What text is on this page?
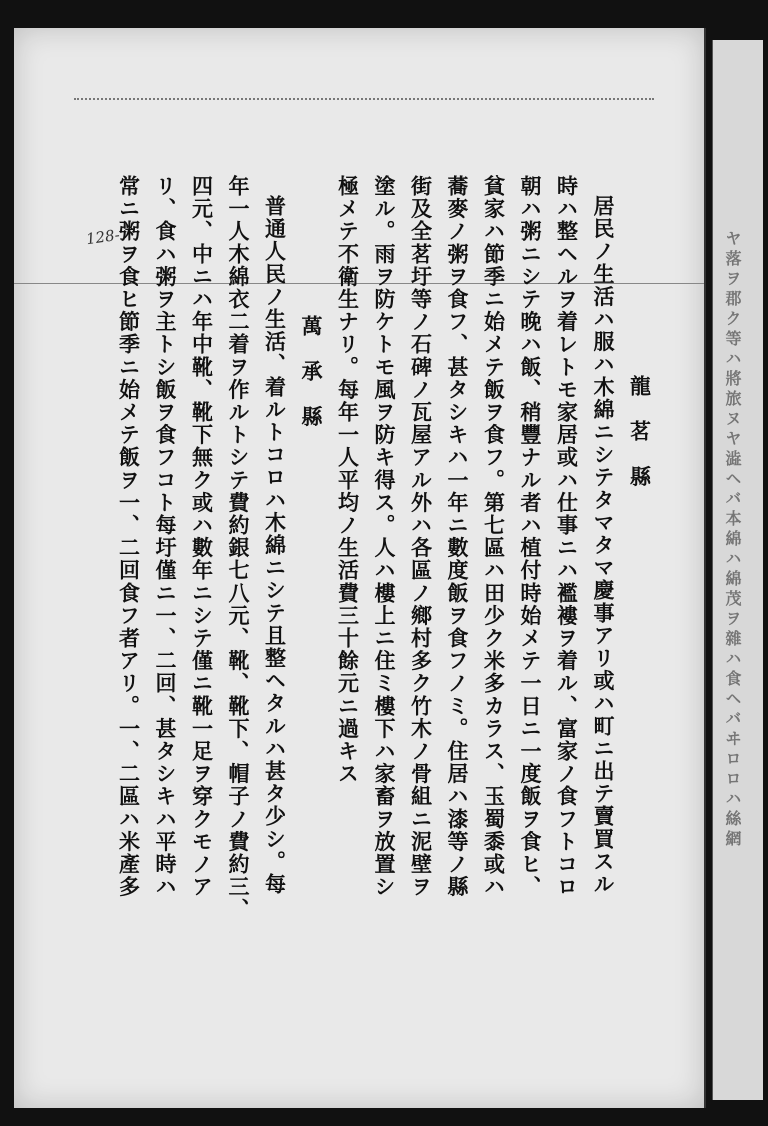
ヤ落ヲ郡ク等ハ將旅ヌヤ澁ヘバ本綿ハ綿茂ヲ雜ハ食ヘバヰロロハ絲網
128-
龍　茗　縣
居民ノ生活ハ服ハ木綿ニシテタマタマ慶事アリ或ハ町ニ出テ賣買スル
時ハ整ヘルヲ着レトモ家居或ハ仕事ニハ襤褸ヲ着ル、富家ノ食フトコロ
朝ハ粥ニシテ晚ハ飯、稍豐ナル者ハ植付時始メテ一日ニ一度飯ヲ食ヒ、
貧家ハ節季ニ始メテ飯ヲ食フ。第七區ハ田少ク米多カラス、玉蜀黍或ハ
蕎麥ノ粥ヲ食フ、甚タシキハ一年ニ數度飯ヲ食フノミ。住居ハ漆等ノ縣
街及全茗圩等ノ石碑ノ瓦屋アル外ハ各區ノ鄉村多ク竹木ノ骨組ニ泥壁ヲ
塗ル。雨ヲ防ケトモ風ヲ防キ得ス。人ハ樓上ニ住ミ樓下ハ家畜ヲ放置シ
極メテ不衛生ナリ。每年一人平均ノ生活費三十餘元ニ過キス
萬　承　縣
普通人民ノ生活、着ルトコロハ木綿ニシテ且整ヘタルハ甚タ少シ。每
年一人木綿衣二着ヲ作ルトシテ費約銀七八元、靴、靴下、帽子ノ費約三、
四元、中ニハ年中靴、靴下無ク或ハ數年ニシテ僅ニ靴一足ヲ穿クモノア
リ、食ハ粥ヲ主トシ飯ヲ食フコト每圩僅ニ一、二回、甚タシキハ平時ハ
常ニ粥ヲ食ヒ節季ニ始メテ飯ヲ一、二回食フ者アリ。一、二區ハ米產多
